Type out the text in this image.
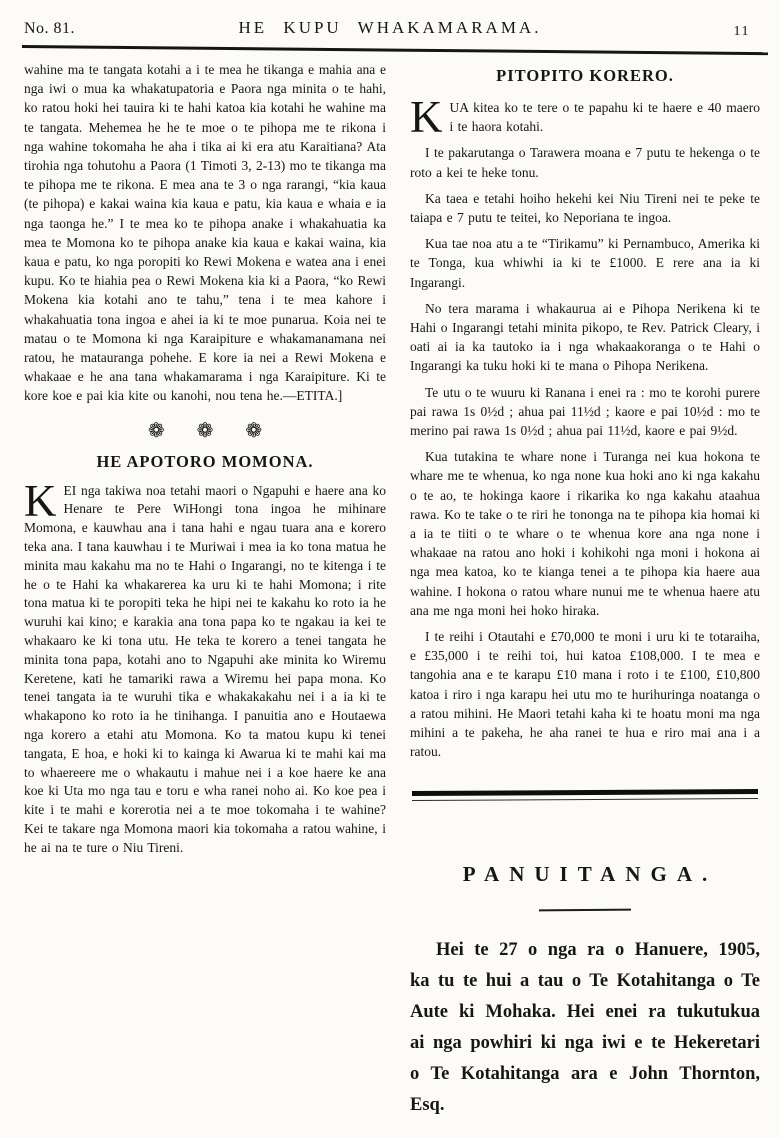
No. 81.	HE KUPU WHAKAMARAMA.	11

wahine ma te tangata kotahi a i te mea he tikanga e mahia ana e nga iwi o mua ka whakatupatoria e Paora nga minita o te hahi, ko ratou hoki hei tauira ki te hahi katoa kia kotahi he wahine ma te tangata. Mehemea he he te moe o te pihopa me te rikona i nga wahine tokomaha he aha i tika ai ki era atu Karaitiana? Ata tirohia nga tohutohu a Paora (1 Timoti 3, 2-13) mo te tikanga ma te pihopa me te rikona. E mea ana te 3 o nga rarangi, “kia kaua (te pihopa) e kakai waina kia kaua e patu, kia kaua e whaia e ia nga taonga he.” I te mea ko te pihopa anake i whakahuatia ka mea te Momona ko te pihopa anake kia kaua e kakai waina, kia kaua e patu, ko nga poropiti ko Rewi Mokena e watea ana i enei kupu. Ko te hiahia pea o Rewi Mokena kia ki a Paora, “ko Rewi Mokena kia kotahi ano te tahu,” tena i te mea kahore i whakahuatia tona ingoa e ahei ia ki te moe punarua. Koia nei te matau o te Momona ki nga Karaipiture e whakamanamana nei ratou, he matauranga pohehe. E kore ia nei a Rewi Mokena e whakaae e he ana tana whakamarama i nga Karaipiture. Ki te kore koe e pai kia kite ou kanohi, nou tena he.—ETITA.]

❁ ❁ ❁
HE APOTORO MOMONA.

KEI nga takiwa noa tetahi maori o Ngapuhi e haere ana ko Henare te Pere WiHongi tona ingoa he mihinare Momona, e kauwhau ana i tana hahi e ngau tuara ana e korero teka ana. I tana kauwhau i te Muriwai i mea ia ko tona matua he minita mau kakahu ma no te Hahi o Ingarangi, no te kitenga i te he o te Hahi ka whakarerea ka uru ki te hahi Momona; i rite tona matua ki te poropiti teka he hipi nei te kakahu ko roto ia he wuruhi kai kino; e karakia ana tona papa ko te ngakau ia kei te whakaaro ke ki tona utu. He teka te korero a tenei tangata he minita tona papa, kotahi ano to Ngapuhi ake minita ko Wiremu Keretene, kati he tamariki rawa a Wiremu hei papa mona. Ko tenei tangata ia te wuruhi tika e whakakakahu nei i a ia ki te whakapono ko roto ia he tinihanga. I panuitia ano e Houtaewa nga korero a etahi atu Momona. Ko ta matou kupu ki tenei tangata, E hoa, e hoki ki to kainga ki Awarua ki te mahi kai ma to whaereere me o whakautu i mahue nei i a koe haere ke ana koe ki Uta mo nga tau e toru e wha ranei noho ai. Ko koe pea i kite i te mahi e korerotia nei a te moe tokomaha i te wahine? Kei te takare nga Momona maori kia tokomaha a ratou wahine, i he ai na te ture o Niu Tireni.

PITOPITO KORERO.

KUA kitea ko te tere o te papahu ki te haere e 40 maero i te haora kotahi.

I te pakarutanga o Tarawera moana e 7 putu te hekenga o te roto a kei te heke tonu.

Ka taea e tetahi hoiho hekehi kei Niu Tireni nei te peke te taiapa e 7 putu te teitei, ko Neporiana te ingoa.

Kua tae noa atu a te “Tirikamu” ki Pernambuco, Amerika ki te Tonga, kua whiwhi ia ki te £1000. E rere ana ia ki Ingarangi.

No tera marama i whakaurua ai e Pihopa Nerikena ki te Hahi o Ingarangi tetahi minita pikopo, te Rev. Patrick Cleary, i oati ai ia ka tautoko ia i nga whakaakoranga o te Hahi o Ingarangi ka tuku hoki ki te mana o Pihopa Nerikena.

Te utu o te wuuru ki Ranana i enei ra : mo te korohi purere pai rawa 1s 0½d ; ahua pai 11½d ; kaore e pai 10½d : mo te merino pai rawa 1s 0½d ; ahua pai 11½d, kaore e pai 9½d.

Kua tutakina te whare none i Turanga nei kua hokona te whare me te whenua, ko nga none kua hoki ano ki nga kakahu o te ao, te hokinga kaore i rikarika ko nga kakahu ataahua rawa. Ko te take o te riri he tononga na te pihopa kia homai ki a ia te tiiti o te whare o te whenua kore ana nga none i whakaae na ratou ano hoki i kohikohi nga moni i hokona ai nga mea katoa, ko te kianga tenei a te pihopa kia haere aua wahine. I hokona o ratou whare nunui me te whenua haere atu ana me nga moni hei hoko hiraka.

I te reihi i Otautahi e £70,000 te moni i uru ki te totaraiha, e £35,000 i te reihi toi, hui katoa £108,000. I te mea e tangohia ana e te karapu £10 mana i roto i te £100, £10,800 katoa i riro i nga karapu hei utu mo te hurihuringa noatanga o a ratou mihini. He Maori tetahi kaha ki te hoatu moni ma nga mihini a te pakeha, he aha ranei te hua e riro mai ana i a ratou.

PANUITANGA.

Hei te 27 o nga ra o Hanuere, 1905, ka tu te hui a tau o Te Kotahitanga o Te Aute ki Mohaka. Hei enei ra tukutukua ai nga powhiri ki nga iwi e te Hekeretari o Te Kotahitanga ara e John Thornton, Esq.
